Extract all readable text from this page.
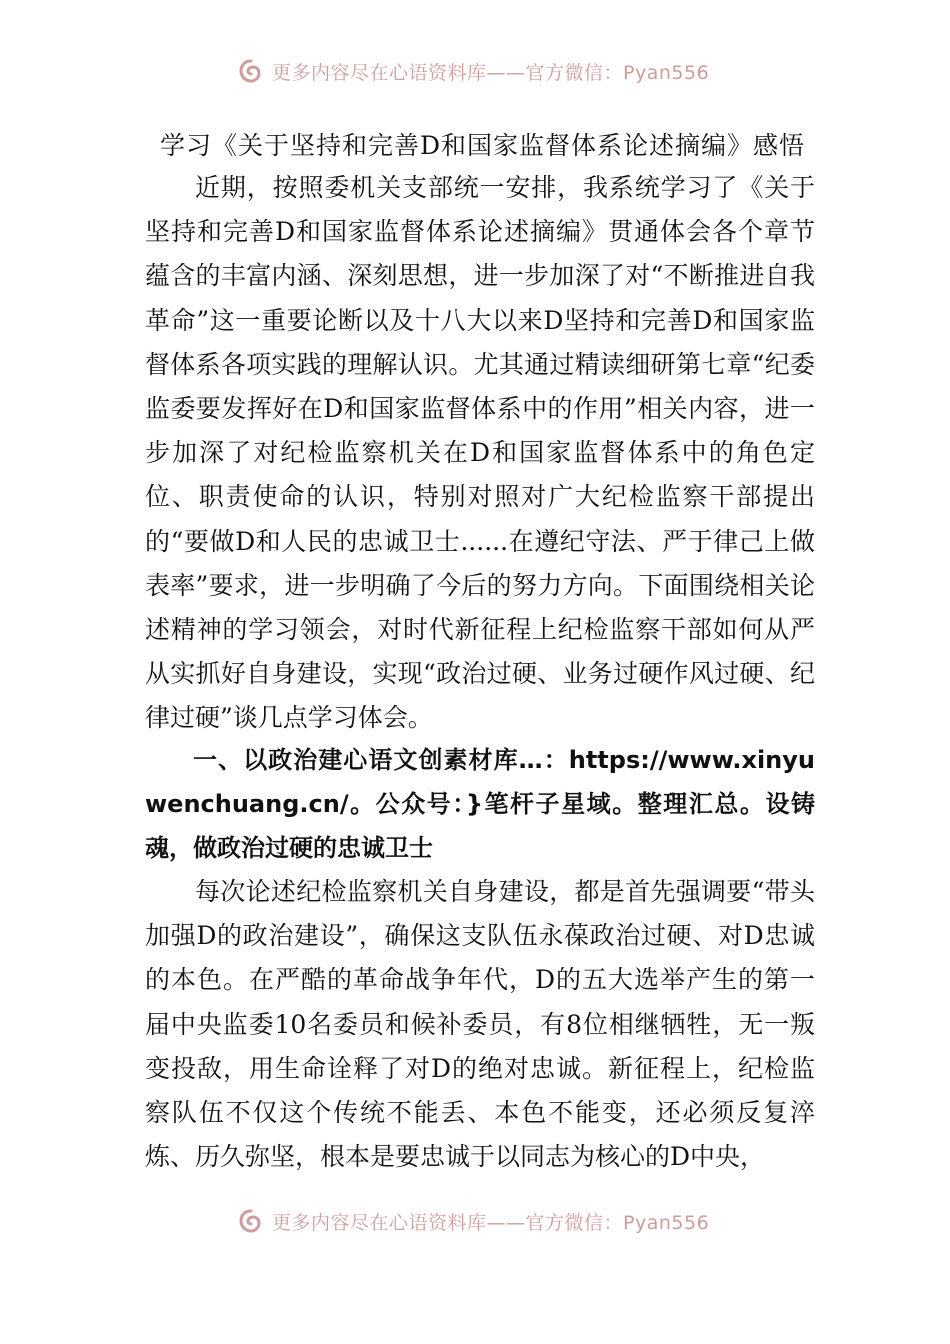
更多内容尽在心语资料库——官方微信：Pyan556
学习《关于坚持和完善D和国家监督体系论述摘编》感悟

近期，按照委机关支部统一安排，我系统学习了《关于坚持和完善D和国家监督体系论述摘编》贯通体会各个章节蕴含的丰富内涵、深刻思想，进一步加深了对“不断推进自我革命”这一重要论断以及十八大以来D坚持和完善D和国家监督体系各项实践的理解认识。尤其通过精读细研第七章“纪委监委要发挥好在D和国家监督体系中的作用”相关内容，进一步加深了对纪检监察机关在D和国家监督体系中的角色定位、职责使命的认识，特别对照对广大纪检监察干部提出的“要做D和人民的忠诚卫士......在遵纪守法、严于律己上做表率”要求，进一步明确了今后的努力方向。下面围绕相关论述精神的学习领会，对时代新征程上纪检监察干部如何从严从实抓好自身建设，实现“政治过硬、业务过硬作风过硬、纪律过硬”谈几点学习体会。

一、以政治建心语文创素材库…：https://www.xinyuwenchuang.cn/。公众号：}笔杆子星域。整理汇总。设铸魂，做政治过硬的忠诚卫士

每次论述纪检监察机关自身建设，都是首先强调要“带头加强D的政治建设”，确保这支队伍永葆政治过硬、对D忠诚的本色。在严酷的革命战争年代，D的五大选举产生的第一届中央监委10名委员和候补委员，有8位相继牺牲，无一叛变投敌，用生命诠释了对D的绝对忠诚。新征程上，纪检监察队伍不仅这个传统不能丢、本色不能变，还必须反复淬炼、历久弥坚，根本是要忠诚于以同志为核心的D中央，

更多内容尽在心语资料库——官方微信：Pyan556
